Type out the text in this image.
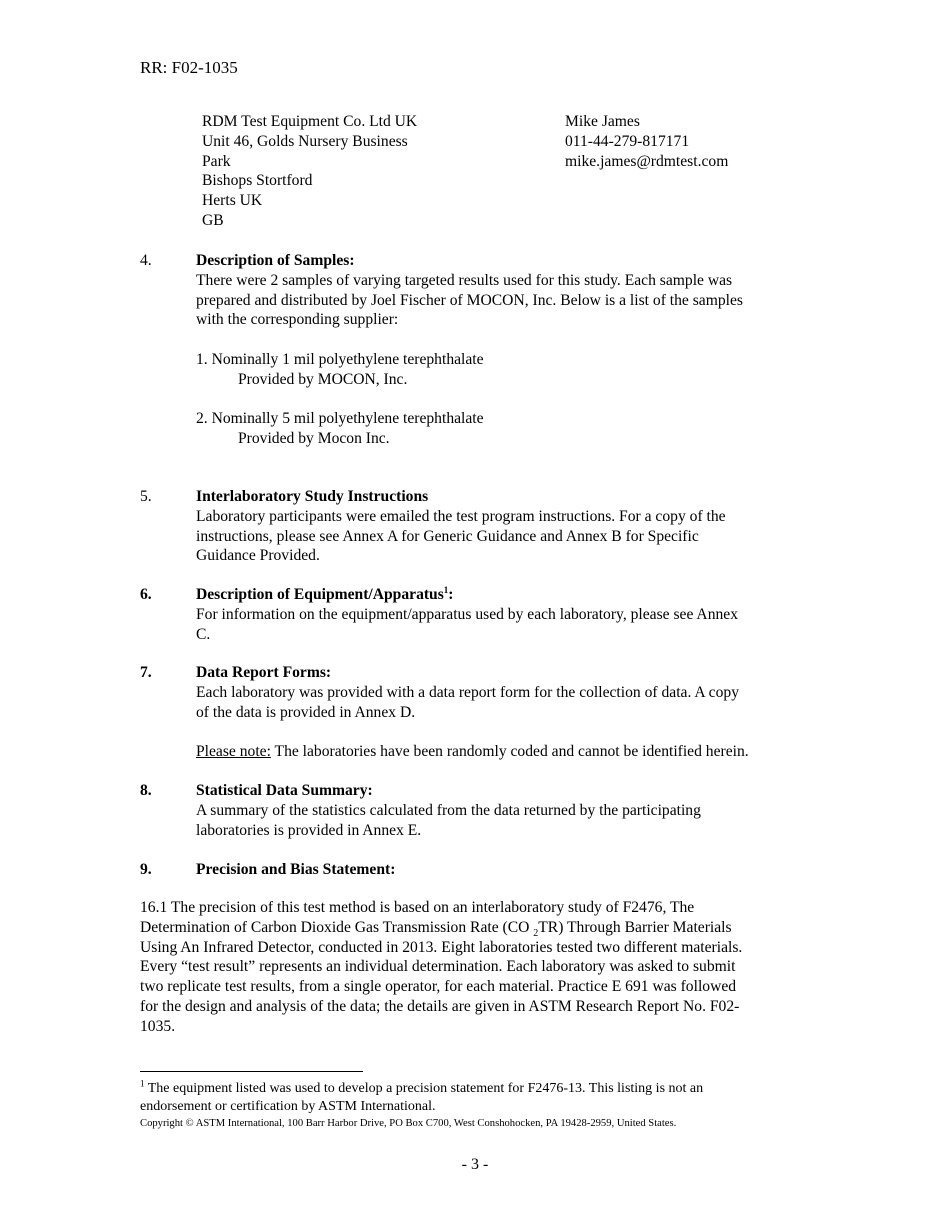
RR: F02-1035
RDM Test Equipment Co. Ltd UK
Unit 46, Golds Nursery Business
Park
Bishops Stortford
Herts UK
GB
Mike James
011-44-279-817171
mike.james@rdmtest.com
4.	Description of Samples:
There were 2 samples of varying targeted results used for this study. Each sample was
prepared and distributed by Joel Fischer of MOCON, Inc. Below is a list of the samples
with the corresponding supplier:

1. Nominally 1 mil polyethylene terephthalate
Provided by MOCON, Inc.

2. Nominally 5 mil polyethylene terephthalate
Provided by Mocon Inc.
5.	Interlaboratory Study Instructions
Laboratory participants were emailed the test program instructions. For a copy of the
instructions, please see Annex A for Generic Guidance and Annex B for Specific
Guidance Provided.
6.	Description of Equipment/Apparatus$^1$:
For information on the equipment/apparatus used by each laboratory, please see Annex
C.
7.	Data Report Forms:
Each laboratory was provided with a data report form for the collection of data. A copy
of the data is provided in Annex D.

Please note: The laboratories have been randomly coded and cannot be identified herein.
8.	Statistical Data Summary:
A summary of the statistics calculated from the data returned by the participating
laboratories is provided in Annex E.
9.	Precision and Bias Statement:
16.1 The precision of this test method is based on an interlaboratory study of F2476, The
Determination of Carbon Dioxide Gas Transmission Rate (CO $_2$TR) Through Barrier Materials
Using An Infrared Detector, conducted in 2013. Eight laboratories tested two different materials.
Every “test result” represents an individual determination. Each laboratory was asked to submit
two replicate test results, from a single operator, for each material. Practice E 691 was followed
for the design and analysis of the data; the details are given in ASTM Research Report No. F02-
1035.
$^1$ The equipment listed was used to develop a precision statement for F2476-13. This listing is not an
endorsement or certification by ASTM International.
Copyright © ASTM International, 100 Barr Harbor Drive, PO Box C700, West Conshohocken, PA 19428-2959, United States.
- 3 -
